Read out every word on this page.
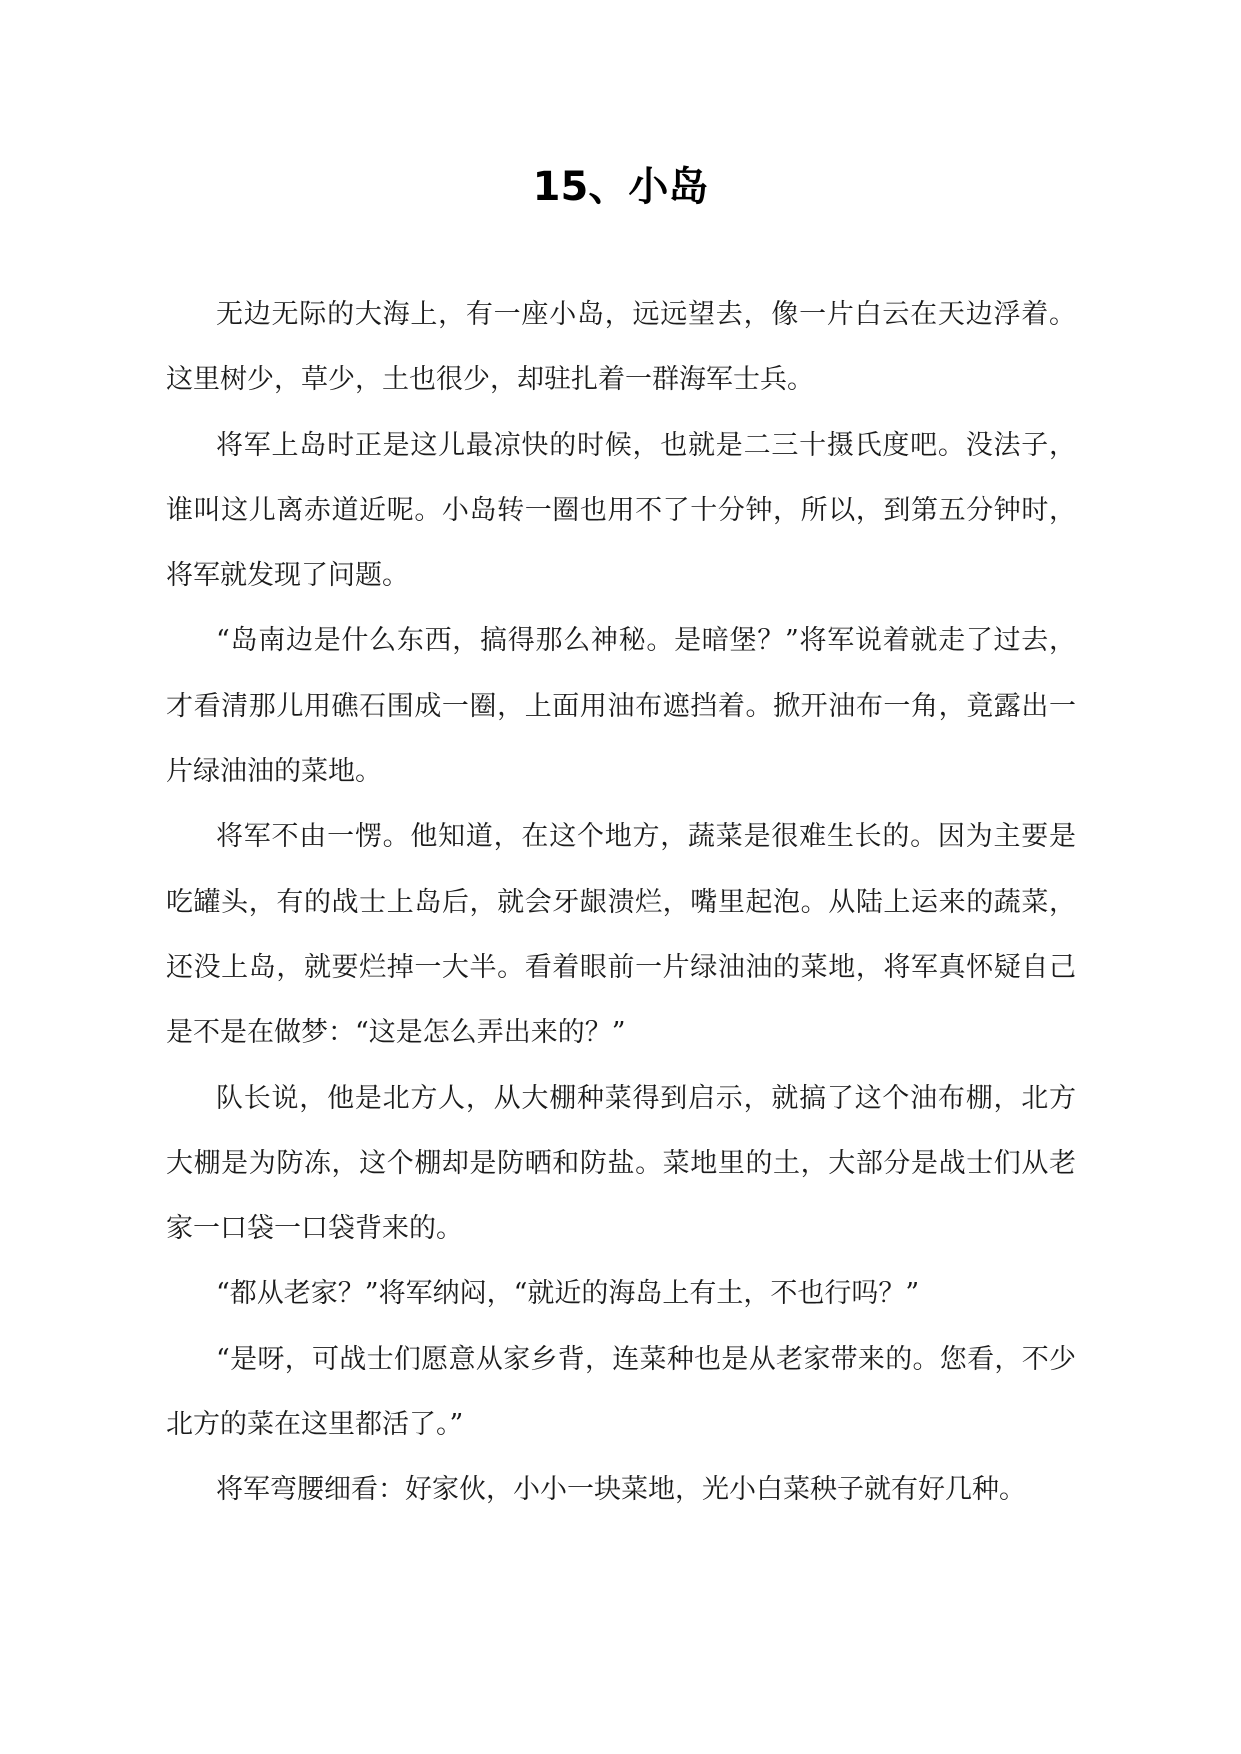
15、小岛

无边无际的大海上，有一座小岛，远远望去，像一片白云在天边浮着。这里树少，草少，土也很少，却驻扎着一群海军士兵。

将军上岛时正是这儿最凉快的时候，也就是二三十摄氏度吧。没法子，谁叫这儿离赤道近呢。小岛转一圈也用不了十分钟，所以，到第五分钟时，将军就发现了问题。

“岛南边是什么东西，搞得那么神秘。是暗堡？”将军说着就走了过去，才看清那儿用礁石围成一圈，上面用油布遮挡着。掀开油布一角，竟露出一片绿油油的菜地。

将军不由一愣。他知道，在这个地方，蔬菜是很难生长的。因为主要是吃罐头，有的战士上岛后，就会牙龈溃烂，嘴里起泡。从陆上运来的蔬菜，还没上岛，就要烂掉一大半。看着眼前一片绿油油的菜地，将军真怀疑自己是不是在做梦：“这是怎么弄出来的？”

队长说，他是北方人，从大棚种菜得到启示，就搞了这个油布棚，北方大棚是为防冻，这个棚却是防晒和防盐。菜地里的土，大部分是战士们从老家一口袋一口袋背来的。

“都从老家？”将军纳闷，“就近的海岛上有土，不也行吗？”

“是呀，可战士们愿意从家乡背，连菜种也是从老家带来的。您看，不少北方的菜在这里都活了。”

将军弯腰细看：好家伙，小小一块菜地，光小白菜秧子就有好几种。
